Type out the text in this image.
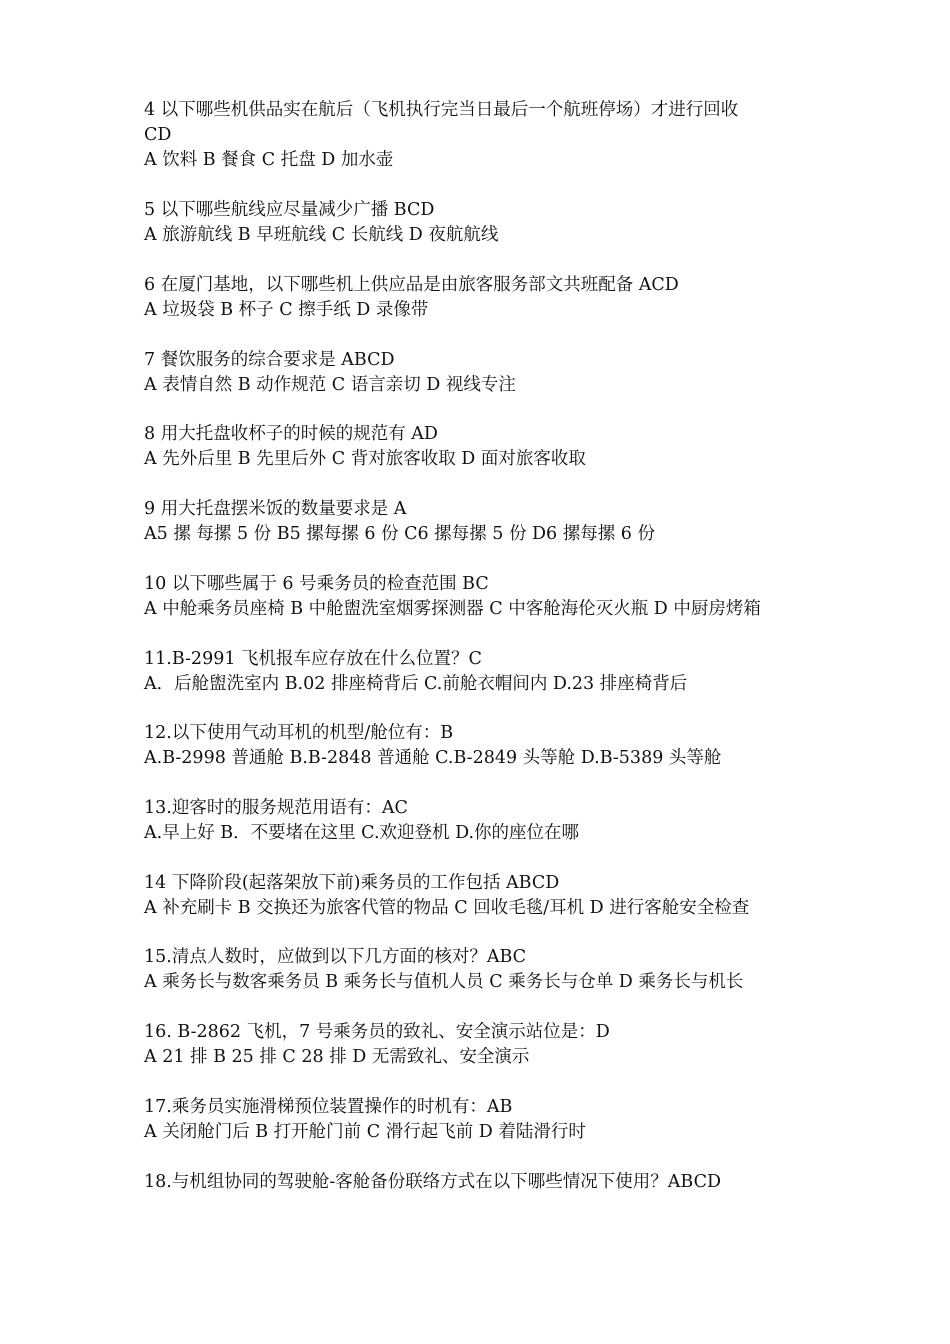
4 以下哪些机供品实在航后（飞机执行完当日最后一个航班停场）才进行回收
CD
A 饮料 B 餐食 C 托盘 D 加水壶
5 以下哪些航线应尽量减少广播 BCD
A 旅游航线 B 早班航线 C 长航线 D 夜航航线
6 在厦门基地，以下哪些机上供应品是由旅客服务部文共班配备 ACD
A 垃圾袋 B 杯子 C 擦手纸 D 录像带
7 餐饮服务的综合要求是 ABCD
A 表情自然 B 动作规范 C 语言亲切 D 视线专注
8 用大托盘收杯子的时候的规范有 AD
A 先外后里 B 先里后外 C 背对旅客收取 D 面对旅客收取
9 用大托盘摆米饭的数量要求是 A
A5 摞 每摞 5 份 B5 摞每摞 6 份 C6 摞每摞 5 份 D6 摞每摞 6 份
10 以下哪些属于 6 号乘务员的检查范围 BC
A 中舱乘务员座椅 B 中舱盥洗室烟雾探测器 C 中客舱海伦灭火瓶 D 中厨房烤箱
11.B-2991 飞机报车应存放在什么位置？C
A．后舱盥洗室内 B.02 排座椅背后 C.前舱衣帽间内 D.23 排座椅背后
12.以下使用气动耳机的机型/舱位有：B
A.B-2998 普通舱 B.B-2848 普通舱 C.B-2849 头等舱 D.B-5389 头等舱
13.迎客时的服务规范用语有：AC
A.早上好 B．不要堵在这里 C.欢迎登机 D.你的座位在哪
14 下降阶段(起落架放下前)乘务员的工作包括 ABCD
A 补充刷卡 B 交换还为旅客代管的物品 C 回收毛毯/耳机 D 进行客舱安全检查
15.清点人数时，应做到以下几方面的核对？ABC
A 乘务长与数客乘务员 B 乘务长与值机人员 C 乘务长与仓单 D 乘务长与机长
16. B-2862 飞机，7 号乘务员的致礼、安全演示站位是：D
A 21 排 B 25 排 C 28 排 D 无需致礼、安全演示
17.乘务员实施滑梯预位装置操作的时机有：AB
A 关闭舱门后 B 打开舱门前 C 滑行起飞前 D 着陆滑行时
18.与机组协同的驾驶舱-客舱备份联络方式在以下哪些情况下使用？ABCD
